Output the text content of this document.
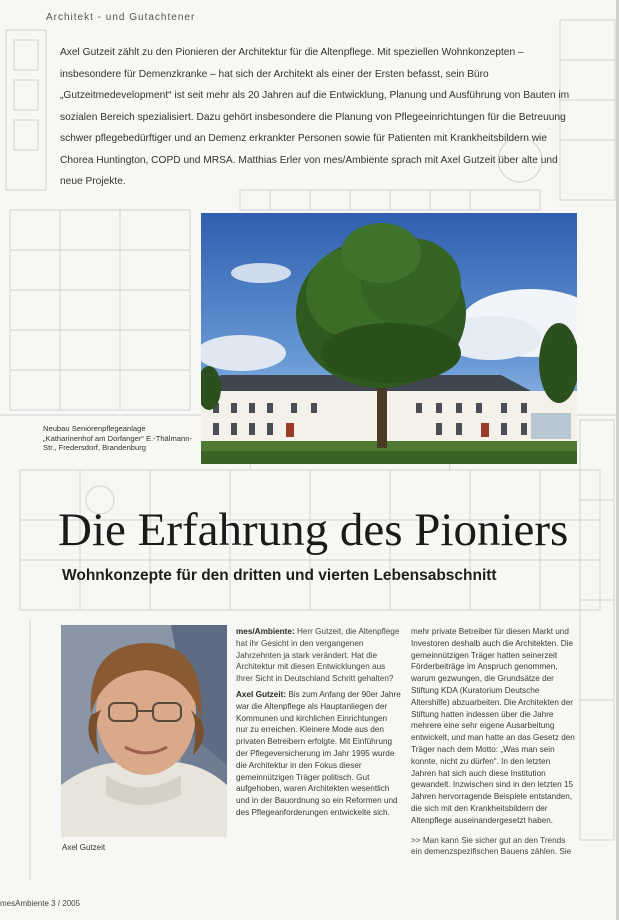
Architekt - und Gutachtener
Axel Gutzeit zählt zu den Pionieren der Architektur für die Altenpflege. Mit speziellen Wohnkonzepten – insbesondere für Demenzkranke – hat sich der Architekt als einer der Ersten befasst, sein Büro „Gutzeitmedevelopment“ ist seit mehr als 20 Jahren auf die Entwicklung, Planung und Ausführung von Bauten im sozialen Bereich spezialisiert. Dazu gehört insbesondere die Planung von Pflegeeinrichtungen für die Betreuung schwer pflegebedürftiger und an Demenz erkrankter Personen sowie für Patienten mit Krankheitsbildern wie Chorea Huntington, COPD und MRSA. Matthias Erler von mes/Ambiente sprach mit Axel Gutzeit über alte und neue Projekte.
Neubau Seniorenpflegeanlage „Katharinenhof am Dorfanger“ E.-Thälmann-Str., Fredersdorf, Brandenburg
Die Erfahrung des Pioniers
Wohnkonzepte für den dritten und vierten Lebensabschnitt
Axel Gutzeit

mes/Ambiente: Herr Gutzeit, die Altenpflege hat ihr Gesicht in den vergangenen Jahrzehnten ja stark verändert. Hat die Architektur mit diesen Entwicklungen aus Ihrer Sicht in Deutschland Schritt gehalten?

Axel Gutzeit: Bis zum Anfang der 90er Jahre war die Altenpflege als Hauptanliegen der Kommunen und kirchlichen Einrichtungen nur zu erreichen. Kleinere Mode aus den privaten Betreibern erfolgte. Mit Einführung der Pflegeversicherung im Jahr 1995 wurde die Architektur in den Fokus dieser gemeinnützigen Träger politisch. Gut aufgehoben, waren Architekten wesentlich und in der Bauordnung so ein Reformen und des Pflegeanforderungen entwickelte sich.

mehr private Betreiber für diesen Markt und Investoren deshalb auch die Architekten. Die gemeinnützigen Träger hatten seinerzeit Förderbeiträge im Anspruch genommen, warum gezwungen, die Grundsätze der Stiftung KDA (Kuratorium Deutsche Altershilfe) abzuarbeiten. Die Architekten der Stiftung hatten indessen über die Jahre mehrere eine sehr eigene Ausarbeitung entwickelt, und man hatte an das Gesetz den Träger nach dem Motto: „Was man sein konnte, nicht zu dürfen“. In den letzten Jahren hat sich auch diese Institution gewandelt. Inzwischen sind in den letzten 15 Jahren hervorragende Beispiele entstanden, die sich mit den Krankheitsbildern der Altenpflege auseinandergesetzt haben.

>> Man kann Sie sicher gut an den Trends ein demenzspezifischen Bauens zählen. Sie

mesAmbiente 3 / 2005
